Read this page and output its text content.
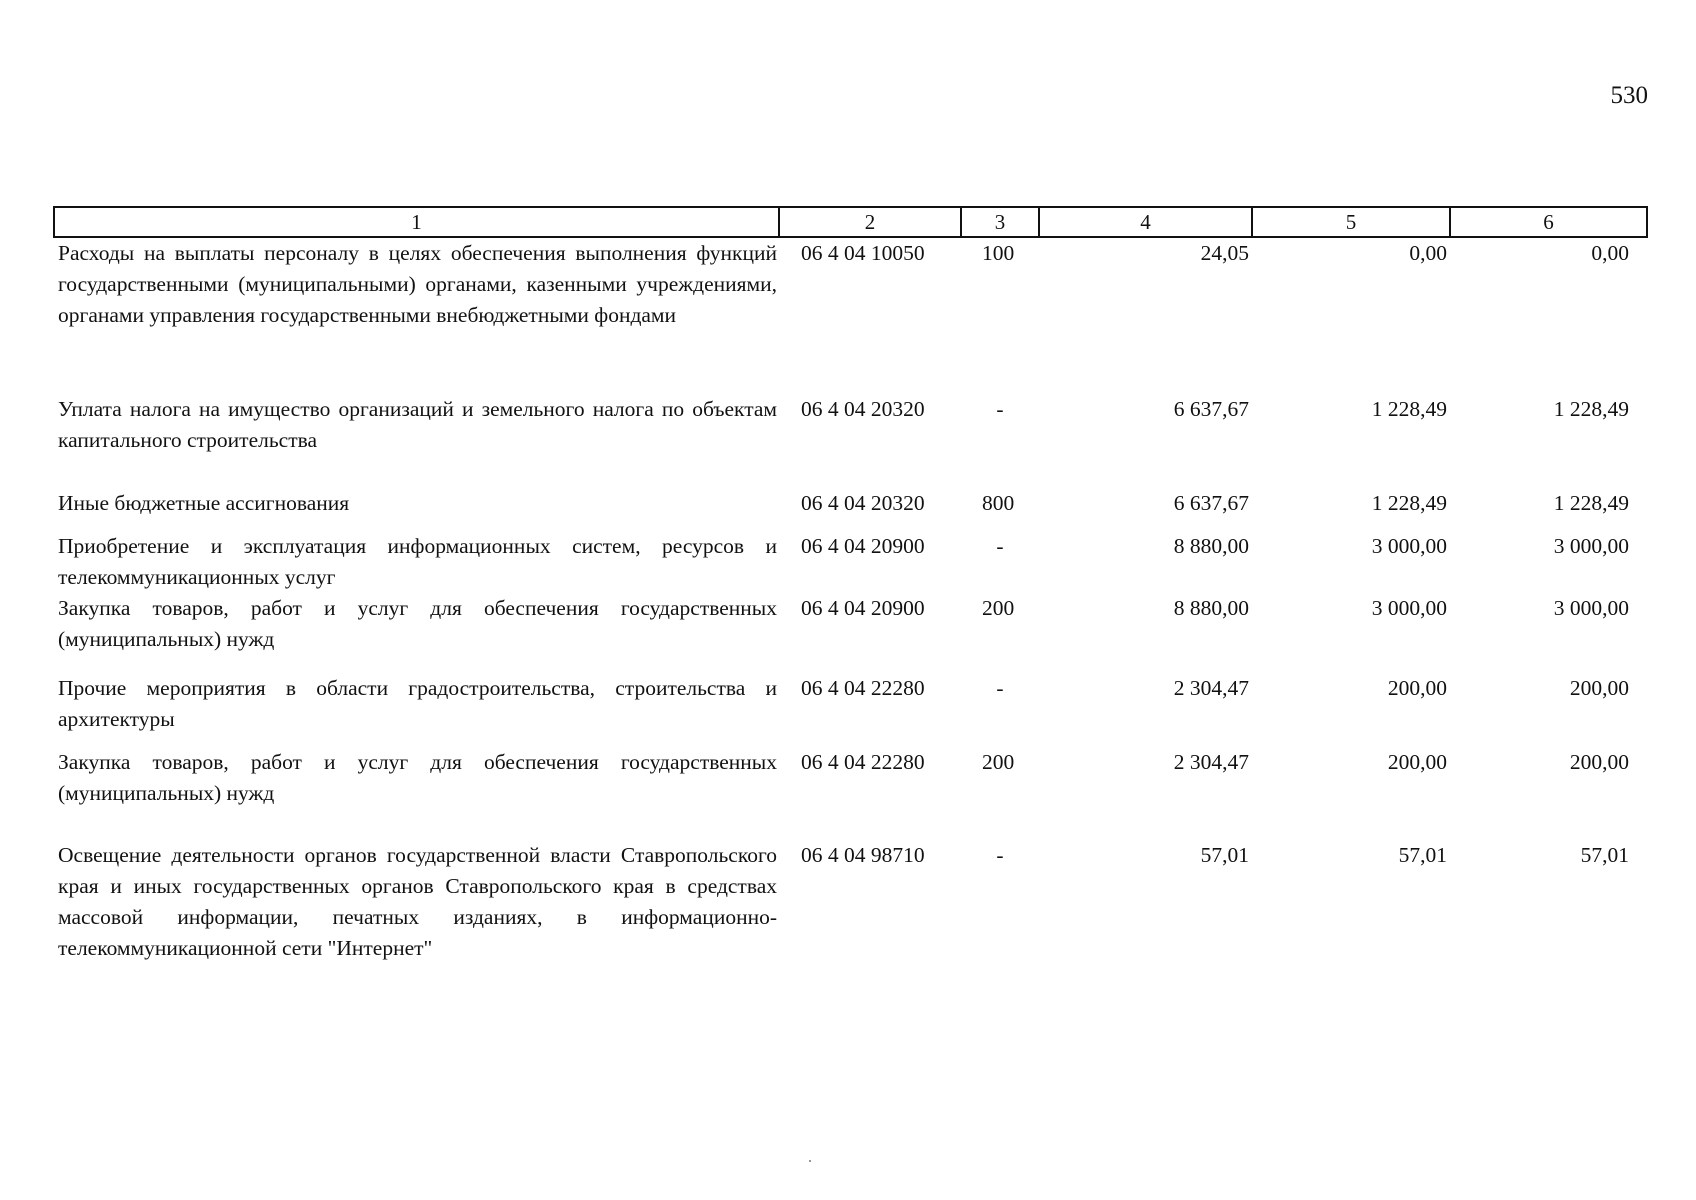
530
1	2	3	4	5	6
Расходы на выплаты персоналу в целях обеспечения выполнения функций государственными (муниципальными) органами, казенными учреждениями, органами управления государственными внебюджетными фондами	06 4 04 10050	100	24,05	0,00	0,00
Уплата налога на имущество организаций и земельного налога по объектам капитального строительства	06 4 04 20320	-	6 637,67	1 228,49	1 228,49
Иные бюджетные ассигнования	06 4 04 20320	800	6 637,67	1 228,49	1 228,49
Приобретение и эксплуатация информационных систем, ресурсов и телекоммуникационных услуг	06 4 04 20900	-	8 880,00	3 000,00	3 000,00
Закупка товаров, работ и услуг для обеспечения государственных (муниципальных) нужд	06 4 04 20900	200	8 880,00	3 000,00	3 000,00
Прочие мероприятия в области градостроительства, строительства и архитектуры	06 4 04 22280	-	2 304,47	200,00	200,00
Закупка товаров, работ и услуг для обеспечения государственных (муниципальных) нужд	06 4 04 22280	200	2 304,47	200,00	200,00
Освещение деятельности органов государственной власти Ставропольского края и иных государственных органов Ставропольского края в средствах массовой информации, печатных изданиях, в информационно-телекоммуникационной сети "Интернет"	06 4 04 98710	-	57,01	57,01	57,01
